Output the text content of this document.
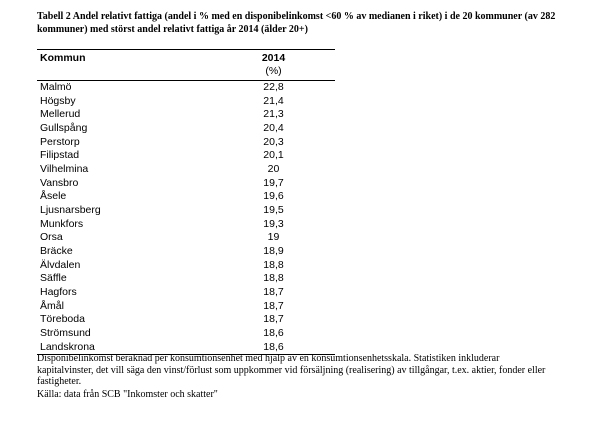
Tabell 2 Andel relativt fattiga (andel i % med en disponibelinkomst <60 % av medianen i riket) i de 20 kommuner (av 282 kommuner) med störst andel relativt fattiga år 2014 (älder 20+)
Kommun	2014
(%)
Malmö	22,8
Högsby	21,4
Mellerud	21,3
Gullspång	20,4
Perstorp	20,3
Filipstad	20,1
Vilhelmina	20
Vansbro	19,7
Åsele	19,6
Ljusnarsberg	19,5
Munkfors	19,3
Orsa	19
Bräcke	18,9
Älvdalen	18,8
Säffle	18,8
Hagfors	18,7
Åmål	18,7
Töreboda	18,7
Strömsund	18,6
Landskrona	18,6
Disponibelinkomst beräknad per konsumtionsenhet med hjälp av en konsumtionsenhetsskala. Statistiken inkluderar kapitalvinster, det vill säga den vinst/förlust som uppkommer vid försäljning (realisering) av tillgångar, t.ex. aktier, fonder eller fastigheter.
Källa: data från SCB "Inkomster och skatter"
